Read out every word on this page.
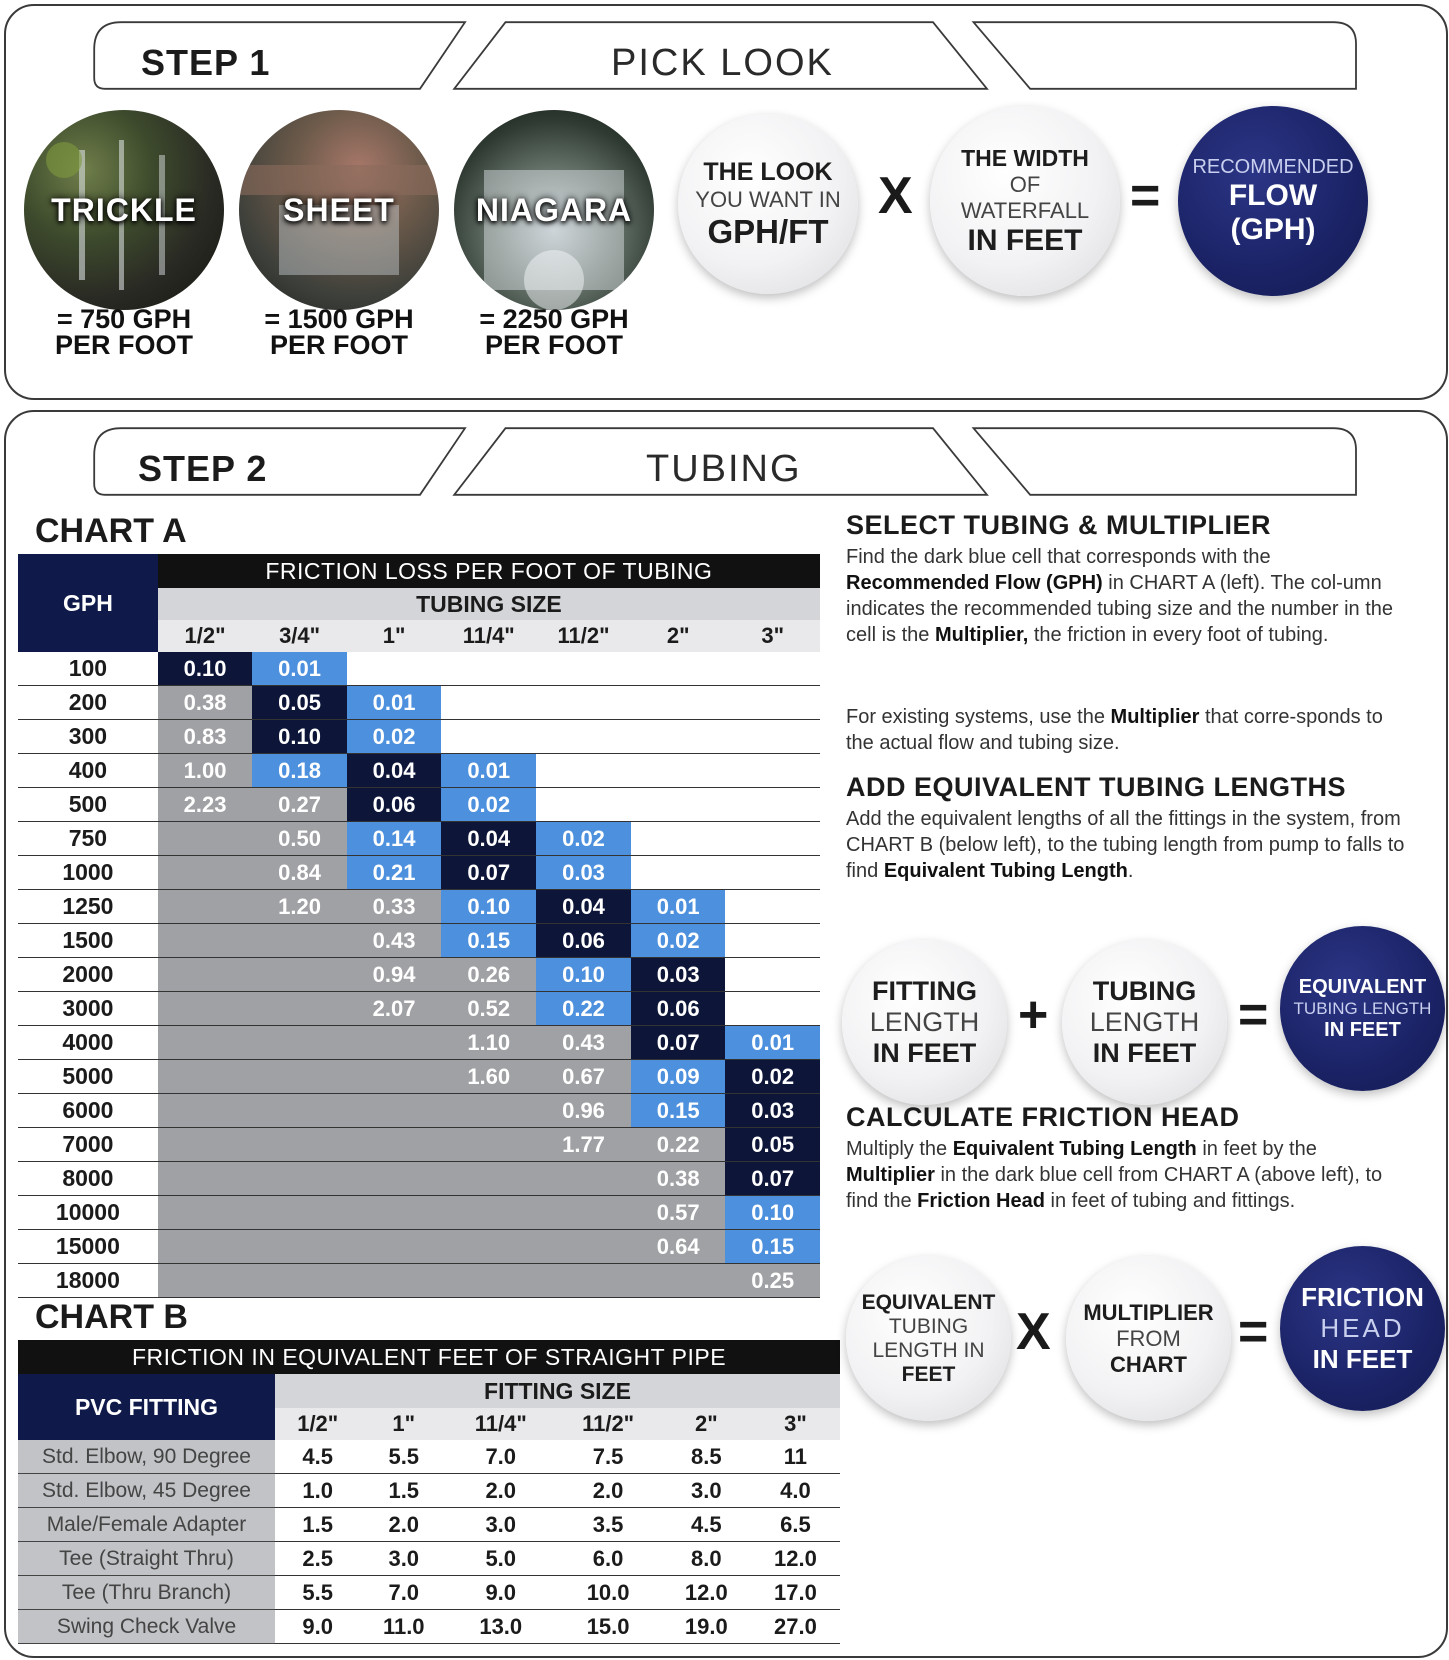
STEP 1	PICK LOOK
TRICKLE	SHEET	NIAGARA
= 750 GPH
PER FOOT
= 1500 GPH
PER FOOT
= 2250 GPH
PER FOOT
THE LOOK
YOU WANT IN
GPH/FT
X
THE WIDTH
OF
WATERFALL
IN FEET
=
RECOMMENDED
FLOW
(GPH)
STEP 2	TUBING
CHART A
GPH	FRICTION LOSS PER FOOT OF TUBING						
	TUBING SIZE						
	1/2"	3/4"	1"	11/4"	11/2"	2"	3"
100	0.10	0.01					
200	0.38	0.05	0.01				
300	0.83	0.10	0.02				
400	1.00	0.18	0.04	0.01			
500	2.23	0.27	0.06	0.02			
750		0.50	0.14	0.04	0.02		
1000		0.84	0.21	0.07	0.03		
1250		1.20	0.33	0.10	0.04	0.01	
1500			0.43	0.15	0.06	0.02	
2000			0.94	0.26	0.10	0.03	
3000			2.07	0.52	0.22	0.06	
4000				1.10	0.43	0.07	0.01
5000				1.60	0.67	0.09	0.02
6000					0.96	0.15	0.03
7000					1.77	0.22	0.05
8000						0.38	0.07
10000						0.57	0.10
15000						0.64	0.15
18000							0.25
CHART B
FRICTION IN EQUIVALENT FEET OF STRAIGHT PIPE						
PVC FITTING	FITTING SIZE					
	1/2"	1"	11/4"	11/2"	2"	3"
Std. Elbow, 90 Degree	4.5	5.5	7.0	7.5	8.5	11
Std. Elbow, 45 Degree	1.0	1.5	2.0	2.0	3.0	4.0
Male/Female Adapter	1.5	2.0	3.0	3.5	4.5	6.5
Tee (Straight Thru)	2.5	3.0	5.0	6.0	8.0	12.0
Tee (Thru Branch)	5.5	7.0	9.0	10.0	12.0	17.0
Swing Check Valve	9.0	11.0	13.0	15.0	19.0	27.0
SELECT TUBING & MULTIPLIER
Find the dark blue cell that corresponds with the Recommended Flow (GPH) in CHART A (left). The col-umn indicates the recommended tubing size and the number in the cell is the Multiplier, the friction in every foot of tubing.
For existing systems, use the Multiplier that corre-sponds to the actual flow and tubing size.
ADD EQUIVALENT TUBING LENGTHS
Add the equivalent lengths of all the fittings in the system, from CHART B (below left), to the tubing length from pump to falls to find Equivalent Tubing Length.
FITTING
LENGTH
IN FEET
+ TUBING
LENGTH
IN FEET
= EQUIVALENT
TUBING LENGTH
IN FEET
CALCULATE FRICTION HEAD
Multiply the Equivalent Tubing Length in feet by the Multiplier in the dark blue cell from CHART A (above left), to find the Friction Head in feet of tubing and fittings.
EQUIVALENT
TUBING
LENGTH IN
FEET
X MULTIPLIER
FROM
CHART
=
FRICTION
HEAD
IN FEET
